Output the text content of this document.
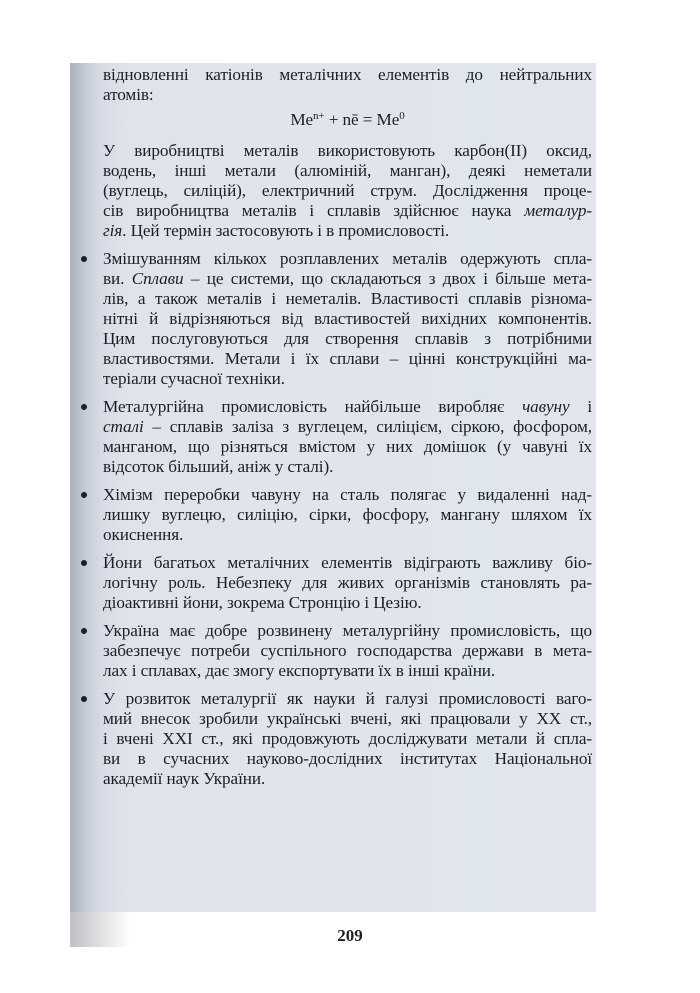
відновленні катіонів металічних елементів до нейтральних
атомів:
$Me^{n+}$ + nē = $Me^0$
У виробництві металів використовують карбон(II) оксид,
водень, інші метали (алюміній, манган), деякі неметали
(вуглець, силіцій), електричний струм. Дослідження проце-
сів виробництва металів і сплавів здійснює наука металур-
гія. Цей термін застосовують і в промисловості.
Змішуванням кількох розплавлених металів одержують спла-
ви. Сплави – це системи, що складаються з двох і більше мета-
лів, а також металів і неметалів. Властивості сплавів різнома-
нітні й відрізняються від властивостей вихідних компонентів.
Цим послуговуються для створення сплавів з потрібними
властивостями. Метали і їх сплави – цінні конструкційні ма-
теріали сучасної техніки.
Металургійна промисловість найбільше виробляє чавуну і
сталі – сплавів заліза з вуглецем, силіцієм, сіркою, фосфором,
манганом, що різняться вмістом у них домішок (у чавуні їх
відсоток більший, аніж у сталі).
Хімізм переробки чавуну на сталь полягає у видаленні над-
лишку вуглецю, силіцію, сірки, фосфору, мангану шляхом їх
окиснення.
Йони багатьох металічних елементів відіграють важливу біо-
логічну роль. Небезпеку для живих організмів становлять ра-
діоактивні йони, зокрема Стронцію і Цезію.
Україна має добре розвинену металургійну промисловість, що
забезпечує потреби суспільного господарства держави в мета-
лах і сплавах, дає змогу експортувати їх в інші країни.
У розвиток металургії як науки й галузі промисловості ваго-
мий внесок зробили українські вчені, які працювали у XX ст.,
і вчені XXI ст., які продовжують досліджувати метали й спла-
ви в сучасних науково-дослідних інститутах Національної
академії наук України.
209
